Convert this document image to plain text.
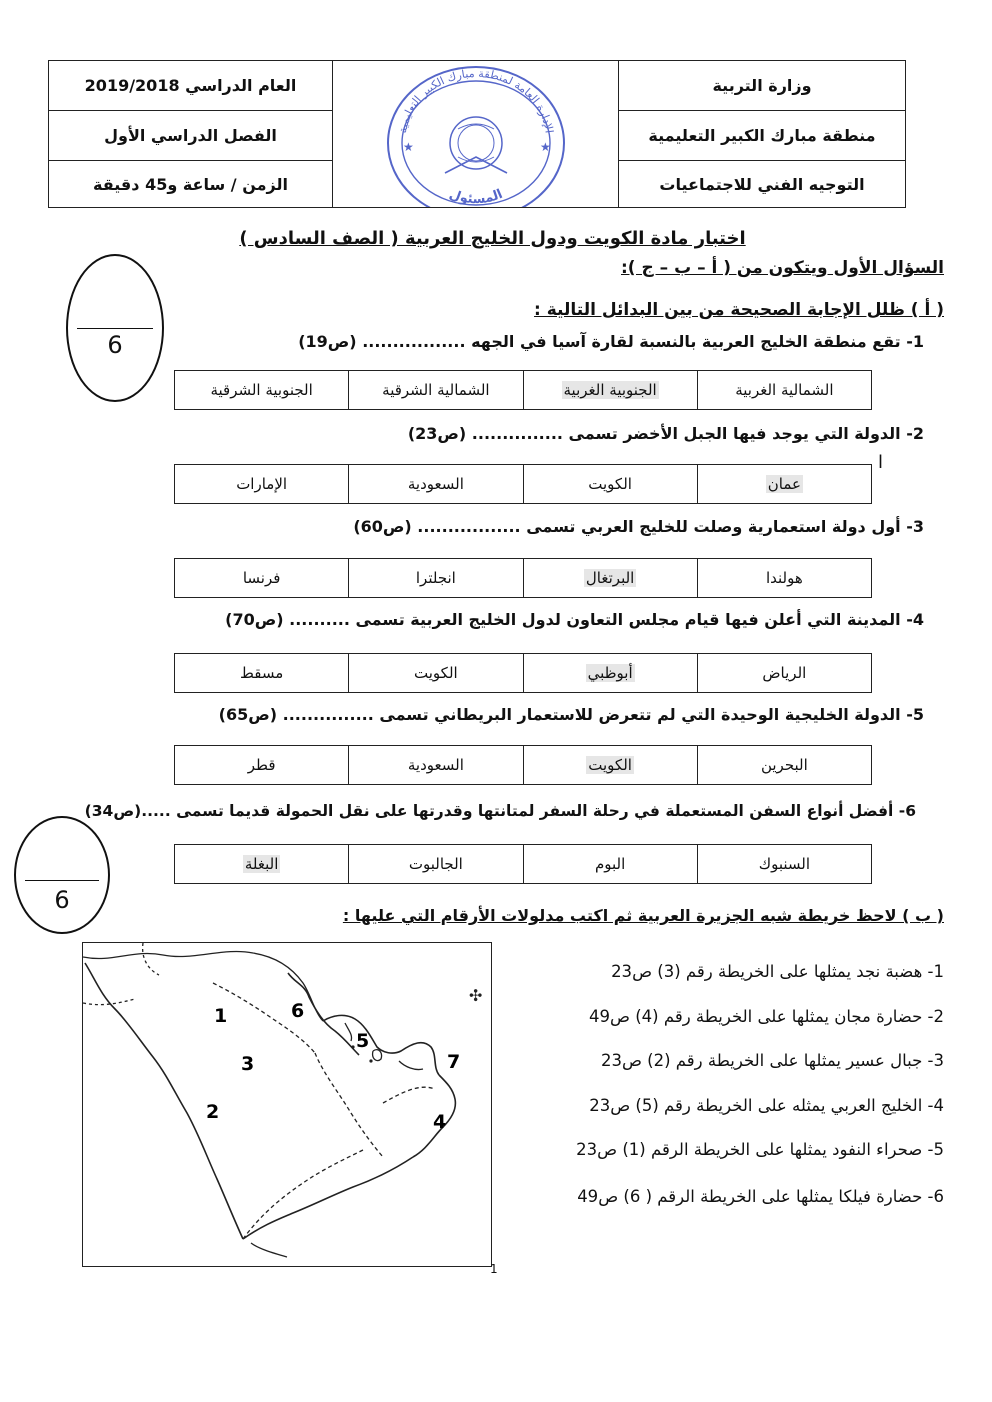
العام الدراسي 2019/2018
الفصل الدراسي الأول
الزمن / ساعة و45 دقيقة
الإدارة العامة لمنطقة مبارك الكبير التعليمية
★	★
المسئول
وزارة التربية
منطقة مبارك الكبير التعليمية
التوجيه الفني للاجتماعيات
اختبار مادة الكويت ودول الخليج العربية ( الصف السادس )
السؤال الأول ويتكون من ( أ – ب – ج ):
6
( أ ) ظلل الإجابة الصحيحة من بين البدائل التالية :
1- تقع منطقة الخليج العربية بالنسبة لقارة آسيا في الجهه ................. (ص19)
الشمالية الغربية
الجنوبية الغربية
الشمالية الشرقية
الجنوبية الشرقية
2- الدولة التي يوجد فيها الجبل الأخضر تسمى ............... (ص23)
عمان
الكويت
السعودية
الإمارات
ا
3- أول دولة استعمارية وصلت للخليج العربي تسمى ................. (ص60)
هولندا
البرتغال
انجلترا
فرنسا
4- المدينة التي أعلن فيها قيام مجلس التعاون لدول الخليج العربية تسمى .......... (ص70)
الرياض
أبوظبي
الكويت
مسقط
5- الدولة الخليجية الوحيدة التي لم تتعرض للاستعمار البريطاني تسمى ............... (ص65)
البحرين
الكويت
السعودية
قطر
6- أفضل أنواع السفن المستعملة في رحلة السفر لمتانتها وقدرتها على نقل الحمولة قديما تسمى .....(ص34)
السنبوك
البوم
الجالبوت
البغلة
6
( ب ) لاحظ خريطة شبه الجزيرة العربية ثم اكتب مدلولات الأرقام التي عليها :
✣
1
2
3
4
5
6
7
1- هضبة نجد يمثلها على الخريطة رقم (3) ص23
2- حضارة مجان يمثلها على الخريطة رقم (4) ص49
3- جبال عسير يمثلها على الخريطة رقم (2) ص23
4- الخليج العربي يمثله على الخريطة رقم (5) ص23
5- صحراء النفود يمثلها على الخريطة الرقم (1) ص23
6- حضارة فيلكا يمثلها على الخريطة الرقم ( 6) ص49
1
